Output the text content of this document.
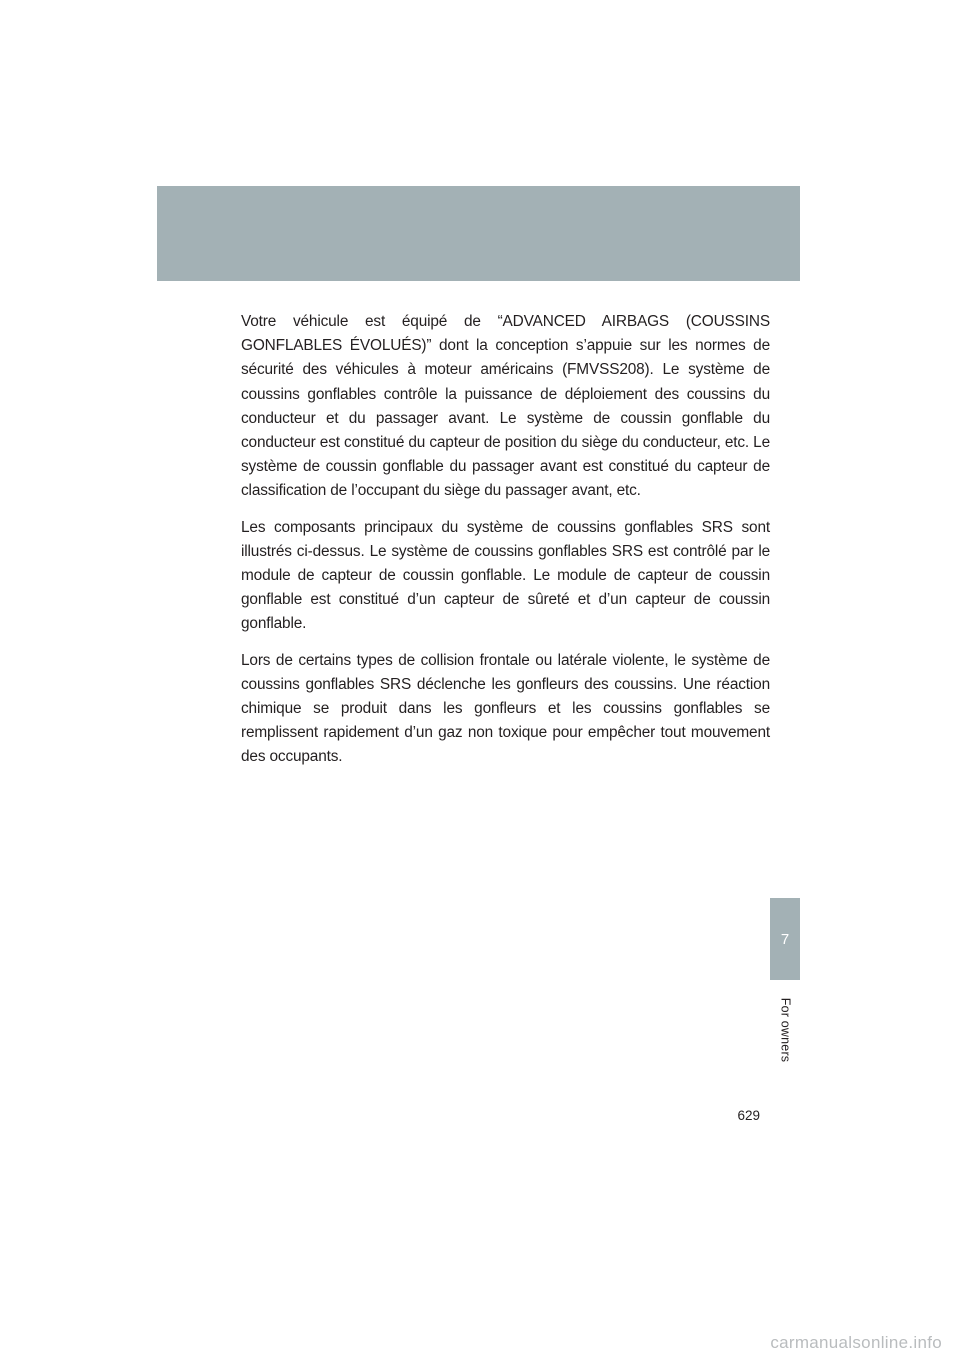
Votre véhicule est équipé de “ADVANCED AIRBAGS (COUSSINS GONFLABLES ÉVOLUÉS)” dont la conception s’appuie sur les normes de sécurité des véhicules à moteur américains (FMVSS208). Le système de coussins gonflables contrôle la puissance de déploiement des coussins du conducteur et du passager avant. Le système de coussin gonflable du conducteur est constitué du capteur de position du siège du conducteur, etc. Le système de coussin gonflable du passager avant est constitué du capteur de classification de l’occupant du siège du passager avant, etc.

Les composants principaux du système de coussins gonflables SRS sont illustrés ci-dessus. Le système de coussins gonflables SRS est contrôlé par le module de capteur de coussin gonflable. Le module de capteur de coussin gonflable est constitué d’un capteur de sûreté et d’un capteur de coussin gonflable.

Lors de certains types de collision frontale ou latérale violente, le système de coussins gonflables SRS déclenche les gonfleurs des coussins. Une réaction chimique se produit dans les gonfleurs et les coussins gonflables se remplissent rapidement d’un gaz non toxique pour empêcher tout mouvement des occupants.

7
For owners
629
carmanualsonline.info
